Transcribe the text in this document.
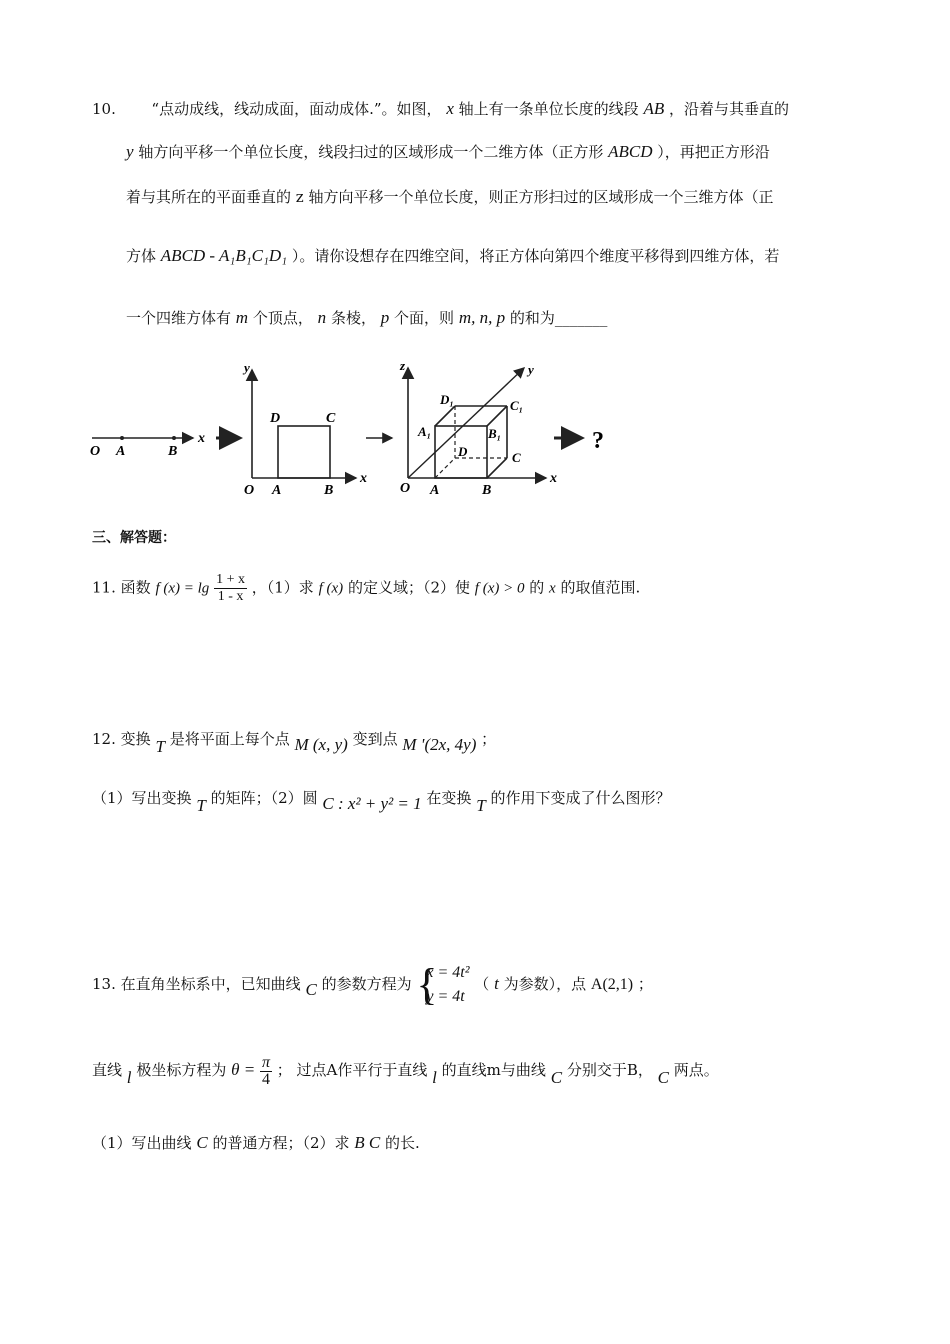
10. “点动成线，线动成面，面动成体.”。如图， x 轴上有一条单位长度的线段 AB ，沿着与其垂直的
y 轴方向平移一个单位长度，线段扫过的区域形成一个二维方体（正方形 ABCD ），再把正方形沿
着与其所在的平面垂直的 z 轴方向平移一个单位长度，则正方形扫过的区域形成一个三维方体（正
方体 ABCD - A₁B₁C₁D₁ ）。请你设想存在四维空间，将正方体向第四个维度平移得到四维方体，若
一个四维方体有 m 个顶点， n 条棱， p 个面，则 m, n, p 的和为_______
O A	B
x
y
D	C
O A	B
x
z	y
D₁	C₁
A₁	B₁
D	C
O A	B
x
?
三、解答题：
11. 函数 f $(x) = \lg \frac{1 + x}{1 - x}$ ，（1）求 f (x) 的定义域；（2）使 f (x) > 0 的 x 的取值范围.
12. 变换 T 是将平面上每个点 M (x, y) 变到点 M '(2x, 4y) ；
（1）写出变换 T 的矩阵；（2）圆 C : x² + y² = 1 在变换 T 的作用下变成了什么图形？
13. 在直角坐标系中，已知曲线 C 的参数方程为 {
x = 4t²
y = 4t
（ t 为参数），点 A(2,1) ；
直线 l 极坐标方程为 $\theta = \frac{\pi}{4}$ ； 过点A作平行于直线 l 的直线m与曲线 C 分别交于B， C 两点。
（1）写出曲线 C 的普通方程；（2）求 B C 的长.
